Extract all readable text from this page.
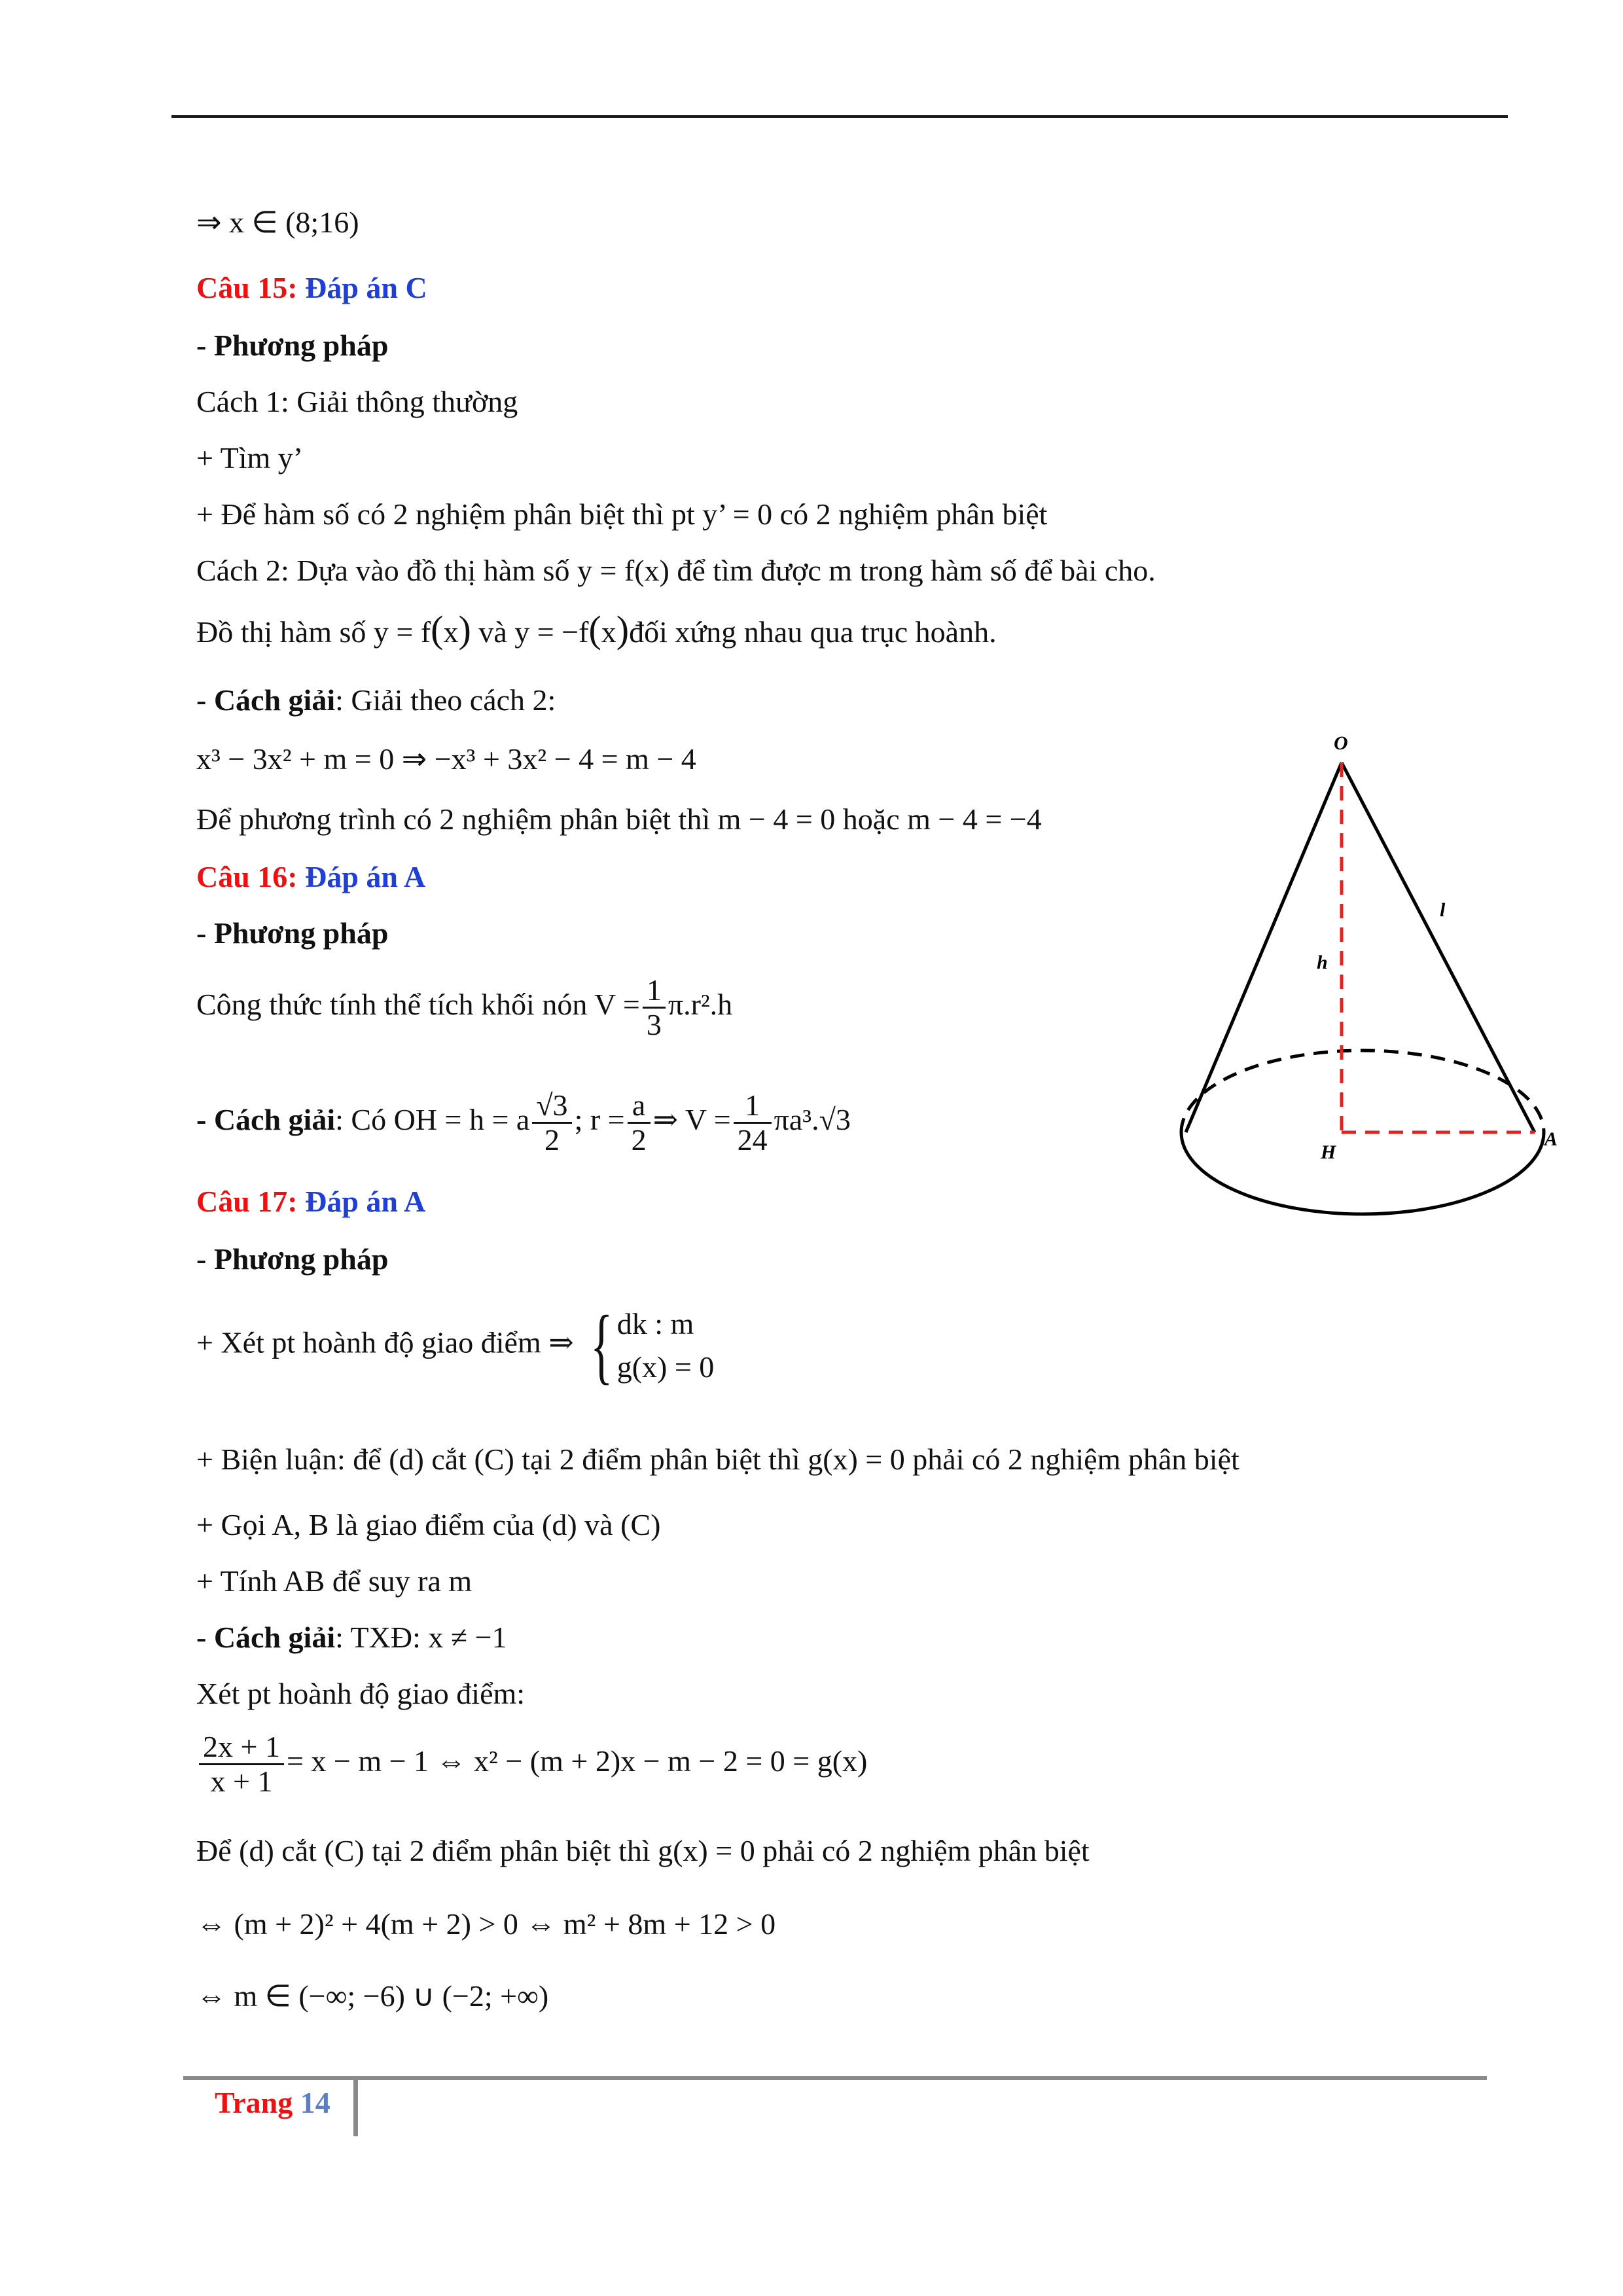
⇒ x ∈ (8;16)
Câu 15: Đáp án C
- Phương pháp
Cách 1: Giải thông thường
+ Tìm y’
+ Để hàm số có 2 nghiệm phân biệt thì pt y’ = 0 có 2 nghiệm phân biệt
Cách 2: Dựa vào đồ thị hàm số y = f(x) để tìm được m trong hàm số để bài cho.
Đồ thị hàm số y = f(x) và y = −f(x)đối xứng nhau qua trục hoành.
- Cách giải: Giải theo cách 2:
x³ − 3x² + m = 0 ⇒ −x³ + 3x² − 4 = m − 4
Để phương trình có 2 nghiệm phân biệt thì m − 4 = 0 hoặc m − 4 = −4
Câu 16: Đáp án A
- Phương pháp
Công thức tính thể tích khối nón $V = \frac{1}{3} \pi.r^2.h$
- Cách giải: Có OH = h = a $\frac{√3}{2}$ ; $r = \frac{a}{2}$ ⇒ $V = \frac{1}{24} \pi a^3.√3$
O
H
A
h
l
Câu 17: Đáp án A
- Phương pháp
+ Xét pt hoành độ giao điểm ⇒ { dk : m
g(x) = 0
+ Biện luận: để (d) cắt (C) tại 2 điểm phân biệt thì g(x) = 0 phải có 2 nghiệm phân biệt
+ Gọi A, B là giao điểm của (d) và (C)
+ Tính AB để suy ra m
- Cách giải: TXĐ: x ≠ −1
Xét pt hoành độ giao điểm:
$\frac{2x + 1}{x + 1} = x - m - 1$ ⇔ x² − (m + 2)x − m − 2 = 0 = g(x)
Để (d) cắt (C) tại 2 điểm phân biệt thì g(x) = 0 phải có 2 nghiệm phân biệt
⇔ (m + 2)² + 4(m + 2) > 0 ⇔ m² + 8m + 12 > 0
⇔ m ∈ (−∞; −6) ∪ (−2; +∞)
Trang 14
